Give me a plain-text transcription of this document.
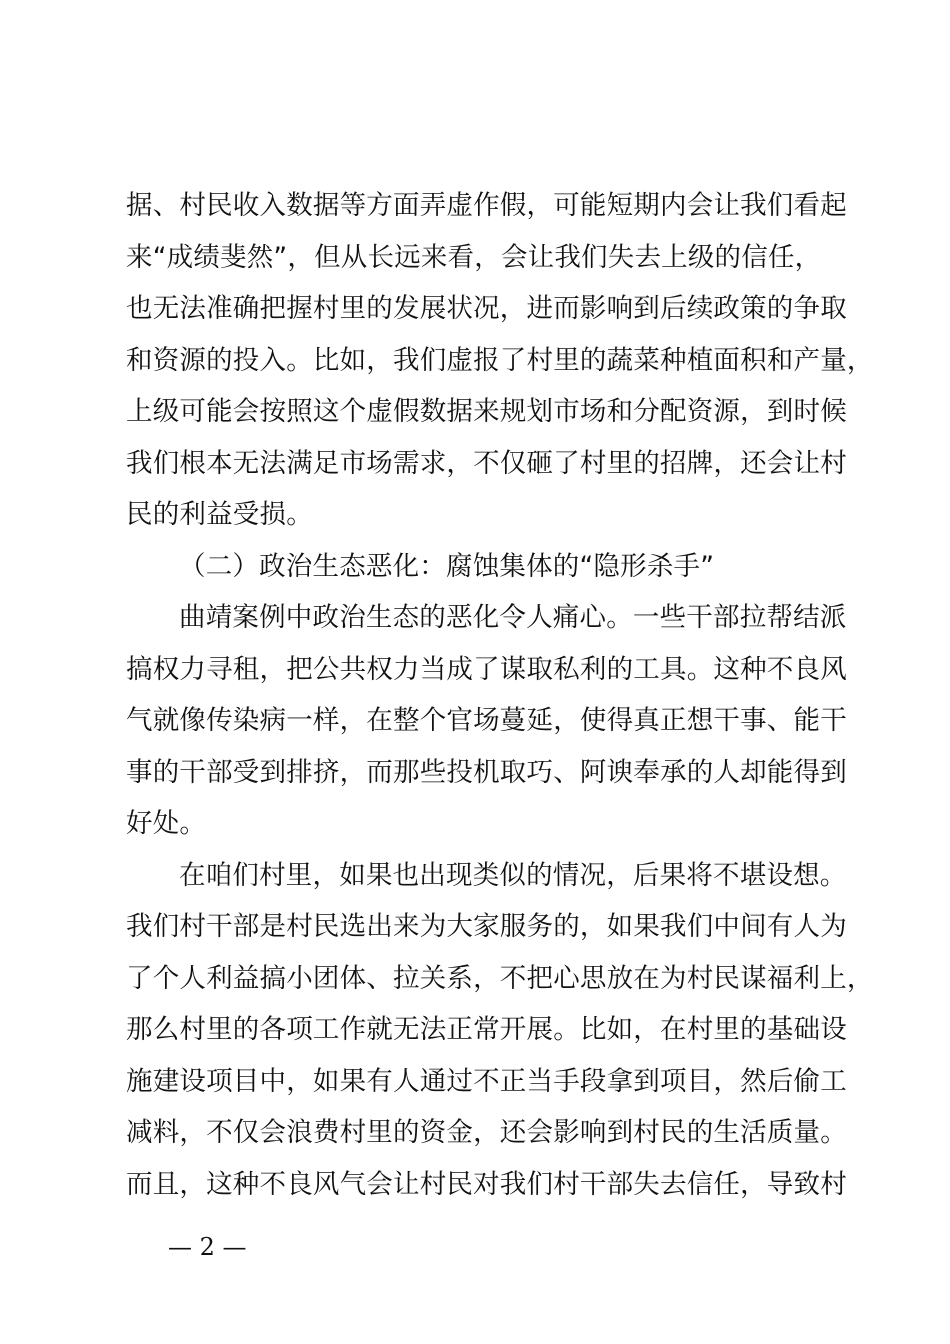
据、村民收入数据等方面弄虚作假，可能短期内会让我们看起
来“成绩斐然”，但从长远来看，会让我们失去上级的信任，
也无法准确把握村里的发展状况，进而影响到后续政策的争取
和资源的投入。比如，我们虚报了村里的蔬菜种植面积和产量，
上级可能会按照这个虚假数据来规划市场和分配资源，到时候
我们根本无法满足市场需求，不仅砸了村里的招牌，还会让村
民的利益受损。
（二）政治生态恶化：腐蚀集体的“隐形杀手”
曲靖案例中政治生态的恶化令人痛心。一些干部拉帮结派
搞权力寻租，把公共权力当成了谋取私利的工具。这种不良风
气就像传染病一样，在整个官场蔓延，使得真正想干事、能干
事的干部受到排挤，而那些投机取巧、阿谀奉承的人却能得到
好处。
在咱们村里，如果也出现类似的情况，后果将不堪设想。
我们村干部是村民选出来为大家服务的，如果我们中间有人为
了个人利益搞小团体、拉关系，不把心思放在为村民谋福利上，
那么村里的各项工作就无法正常开展。比如，在村里的基础设
施建设项目中，如果有人通过不正当手段拿到项目，然后偷工
减料，不仅会浪费村里的资金，还会影响到村民的生活质量。
而且，这种不良风气会让村民对我们村干部失去信任，导致村
— 2 —
